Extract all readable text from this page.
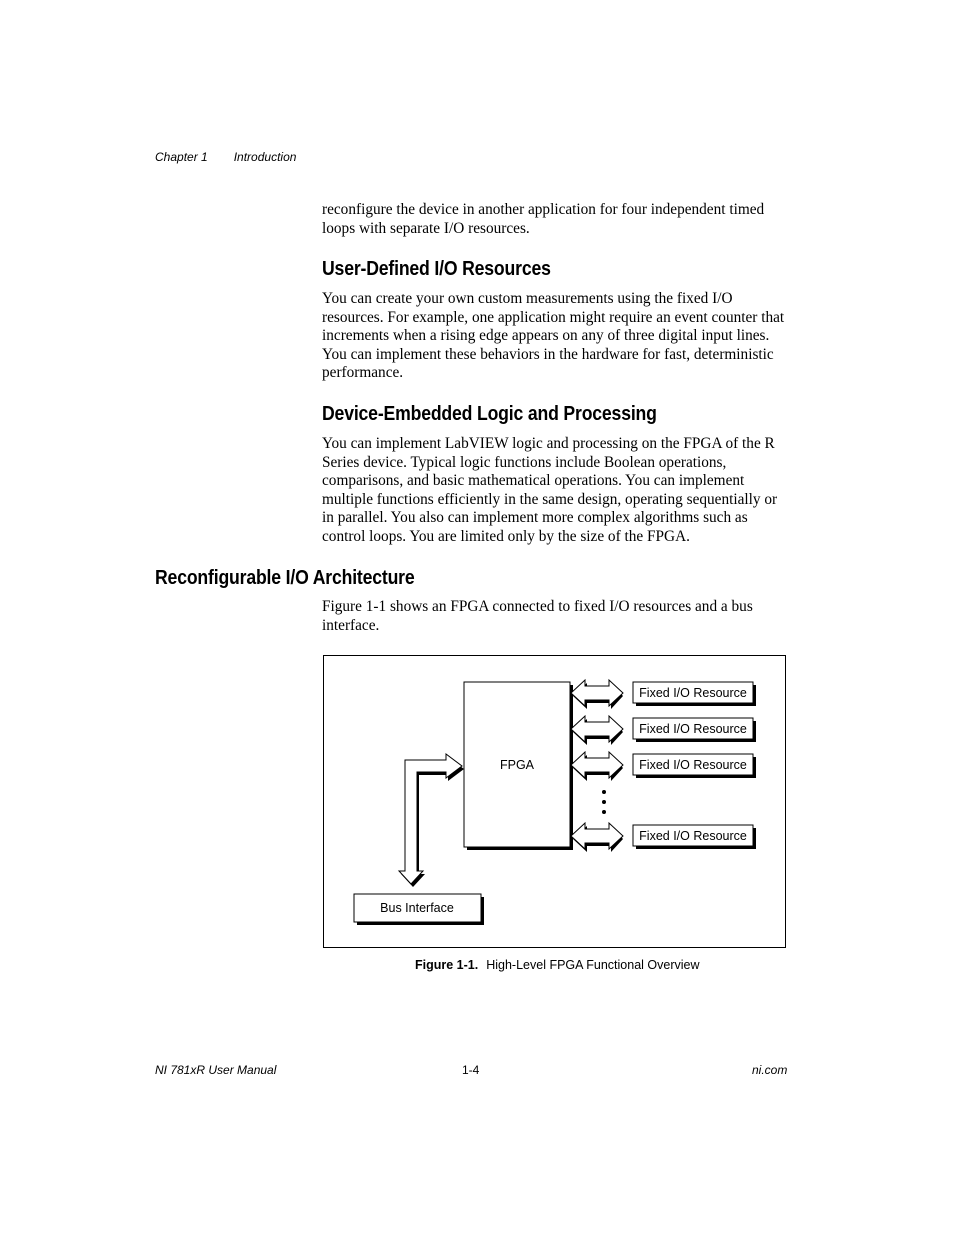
Chapter 1 Introduction

reconfigure the device in another application for four independent timed loops with separate I/O resources.

User-Defined I/O Resources

You can create your own custom measurements using the fixed I/O resources. For example, one application might require an event counter that increments when a rising edge appears on any of three digital input lines. You can implement these behaviors in the hardware for fast, deterministic performance.

Device-Embedded Logic and Processing

You can implement LabVIEW logic and processing on the FPGA of the R Series device. Typical logic functions include Boolean operations, comparisons, and basic mathematical operations. You can implement multiple functions efficiently in the same design, operating sequentially or in parallel. You also can implement more complex algorithms such as control loops. You are limited only by the size of the FPGA.

Reconfigurable I/O Architecture

Figure 1-1 shows an FPGA connected to fixed I/O resources and a bus interface.

FPGA
Fixed I/O Resource
Fixed I/O Resource
Fixed I/O Resource
Fixed I/O Resource
Bus Interface
Figure 1-1. High-Level FPGA Functional Overview
NI 781xR User Manual	1-4	ni.com
